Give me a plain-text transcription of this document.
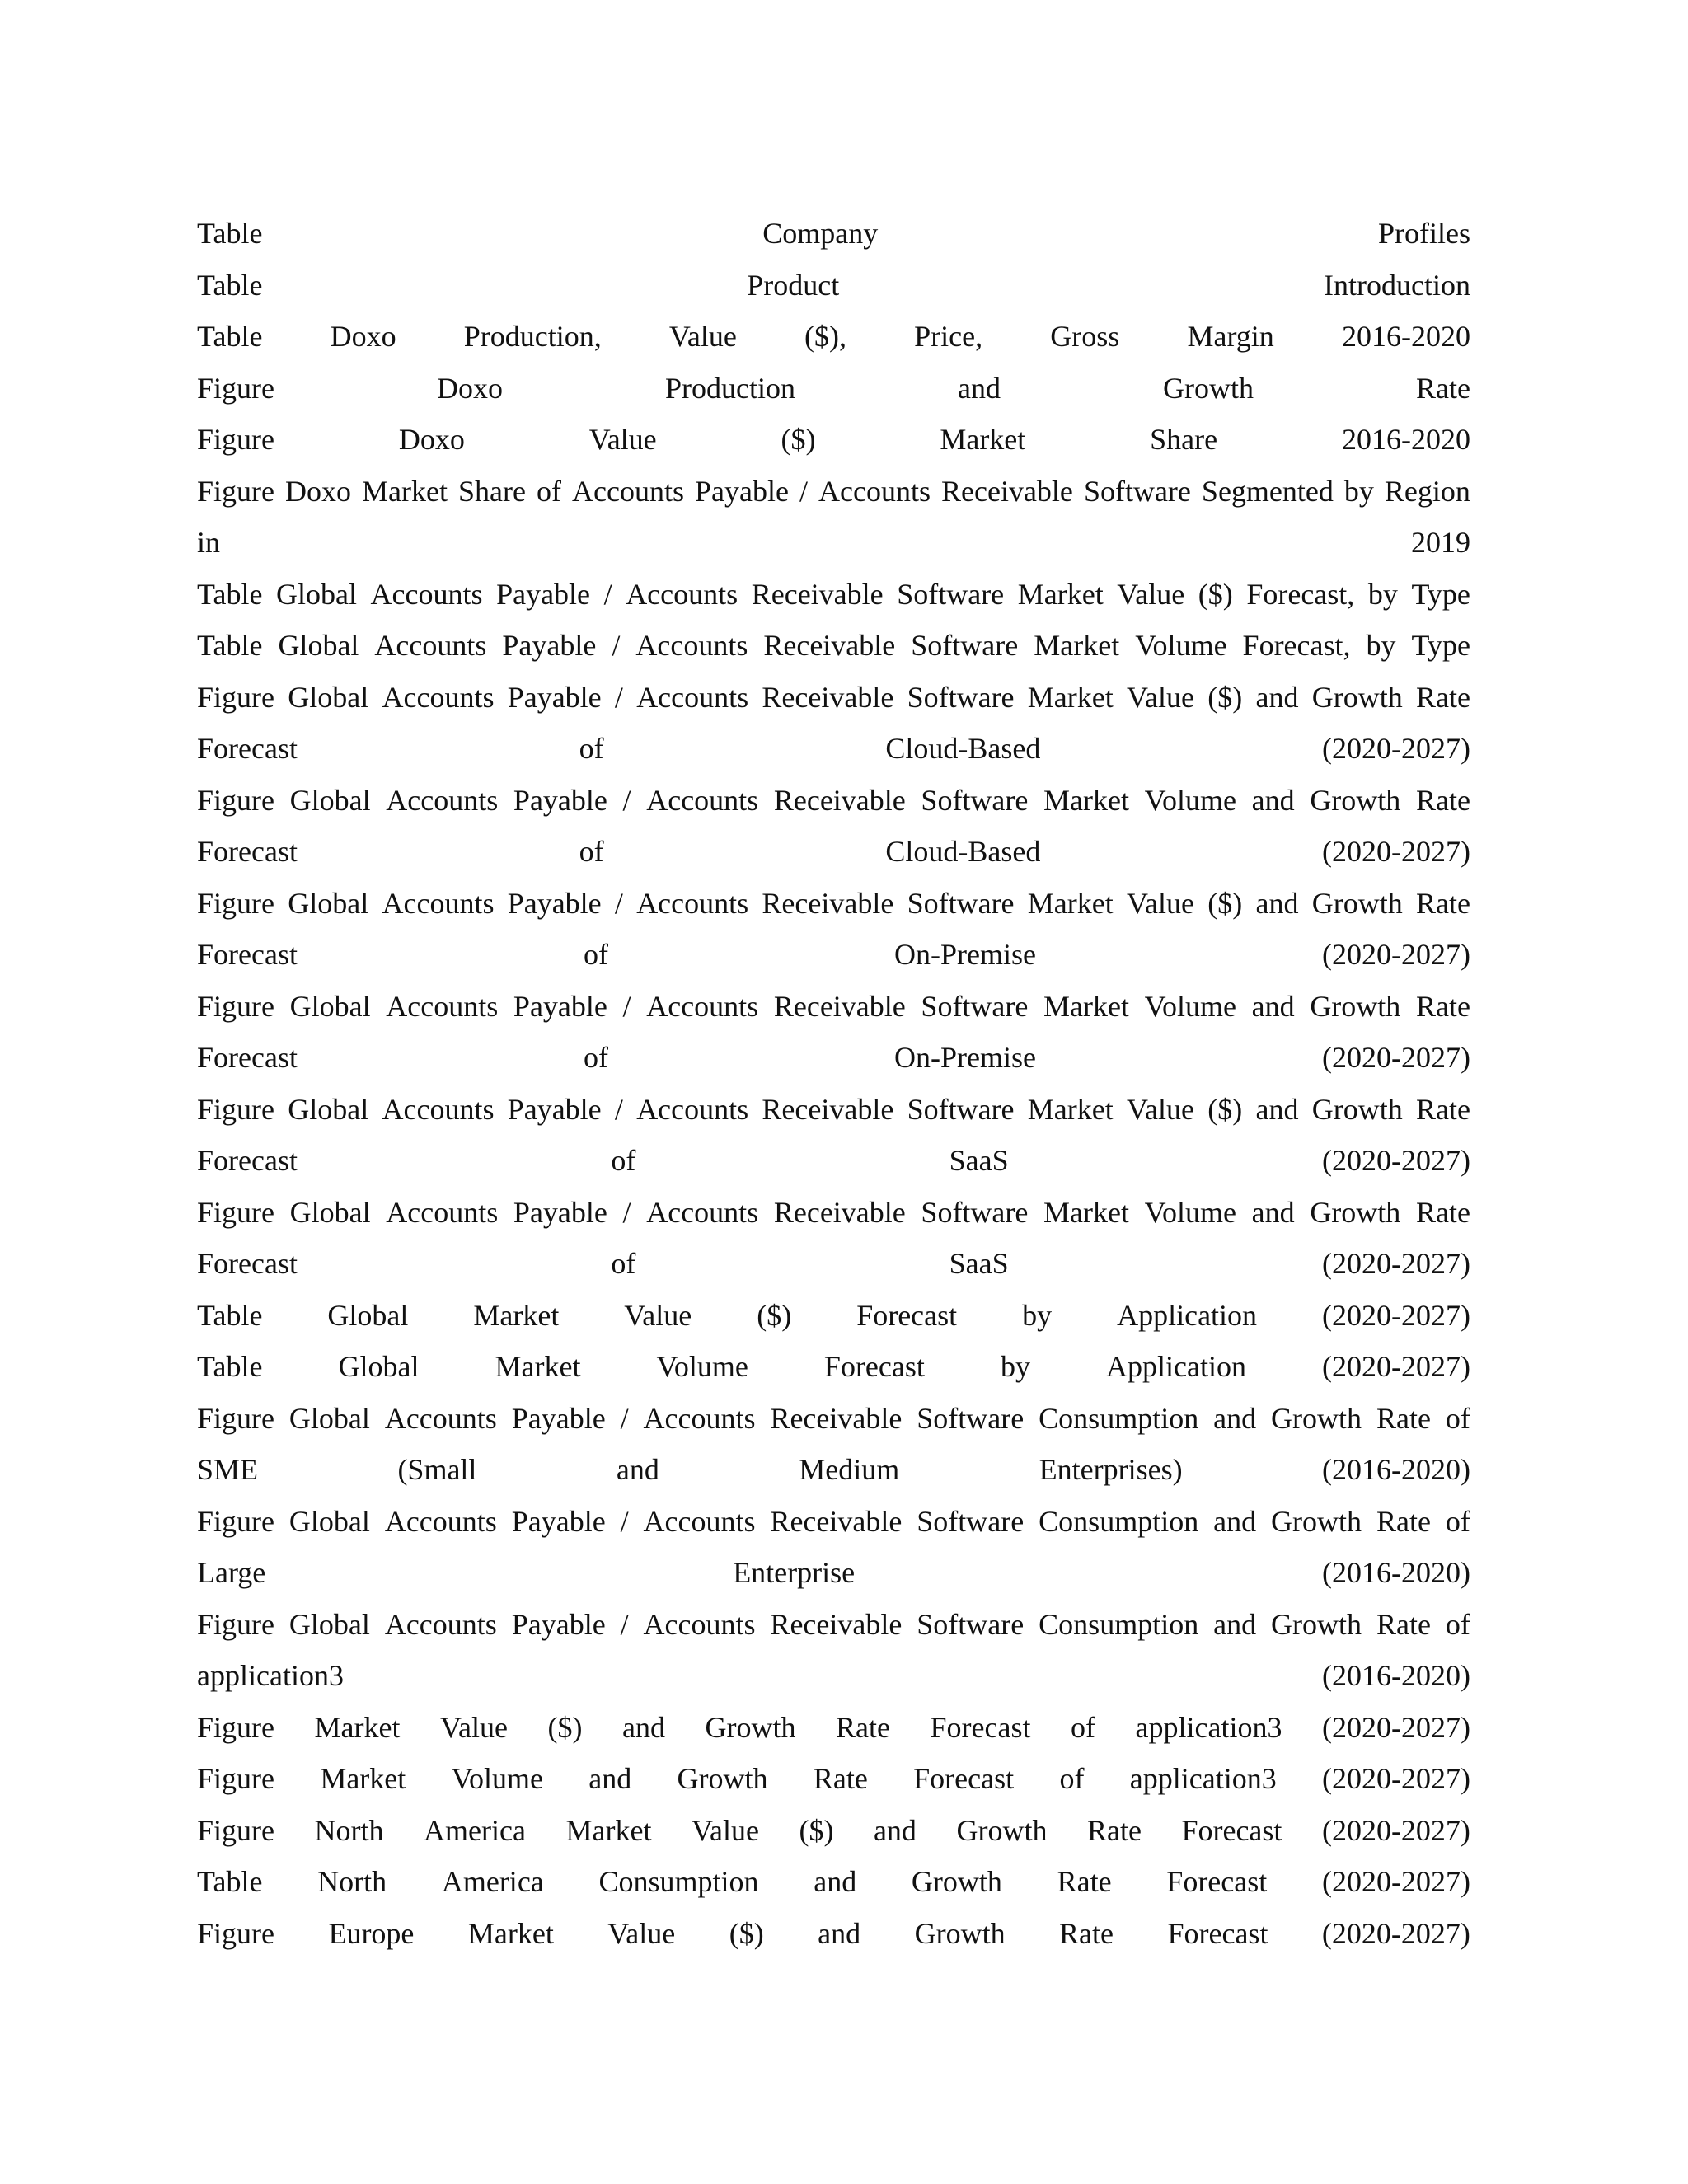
Table	Company	Profiles
Table	Product	Introduction
Table Doxo Production, Value ($), Price, Gross Margin 2016-2020
Figure	Doxo	Production	and	Growth	Rate
Figure	Doxo	Value	($)	Market	Share	2016-2020
Figure Doxo Market Share of Accounts Payable / Accounts Receivable Software Segmented by Region
in	2019
Table Global Accounts Payable / Accounts Receivable Software Market Value ($) Forecast, by Type
Table Global Accounts Payable / Accounts Receivable Software Market Volume Forecast, by Type
Figure Global Accounts Payable / Accounts Receivable Software Market Value ($) and Growth Rate
Forecast	of	Cloud-Based	(2020-2027)
Figure Global Accounts Payable / Accounts Receivable Software Market Volume and Growth Rate
Forecast	of	Cloud-Based	(2020-2027)
Figure Global Accounts Payable / Accounts Receivable Software Market Value ($) and Growth Rate
Forecast	of	On-Premise	(2020-2027)
Figure Global Accounts Payable / Accounts Receivable Software Market Volume and Growth Rate
Forecast	of	On-Premise	(2020-2027)
Figure Global Accounts Payable / Accounts Receivable Software Market Value ($) and Growth Rate
Forecast	of	SaaS	(2020-2027)
Figure Global Accounts Payable / Accounts Receivable Software Market Volume and Growth Rate
Forecast	of	SaaS	(2020-2027)
Table Global Market Value ($) Forecast by Application (2020-2027)
Table	Global	Market	Volume	Forecast	by	Application	(2020-2027)
Figure Global Accounts Payable / Accounts Receivable Software Consumption and Growth Rate of
SME	(Small	and	Medium	Enterprises)	(2016-2020)
Figure Global Accounts Payable / Accounts Receivable Software Consumption and Growth Rate of
Large	Enterprise	(2016-2020)
Figure Global Accounts Payable / Accounts Receivable Software Consumption and Growth Rate of
application3	(2016-2020)
Figure Market Value ($) and Growth Rate Forecast of application3 (2020-2027)
Figure Market Volume and Growth Rate Forecast of application3 (2020-2027)
Figure North America Market Value ($) and Growth Rate Forecast (2020-2027)
Table North America Consumption and Growth Rate Forecast (2020-2027)
Figure Europe Market Value ($) and Growth Rate Forecast (2020-2027)
